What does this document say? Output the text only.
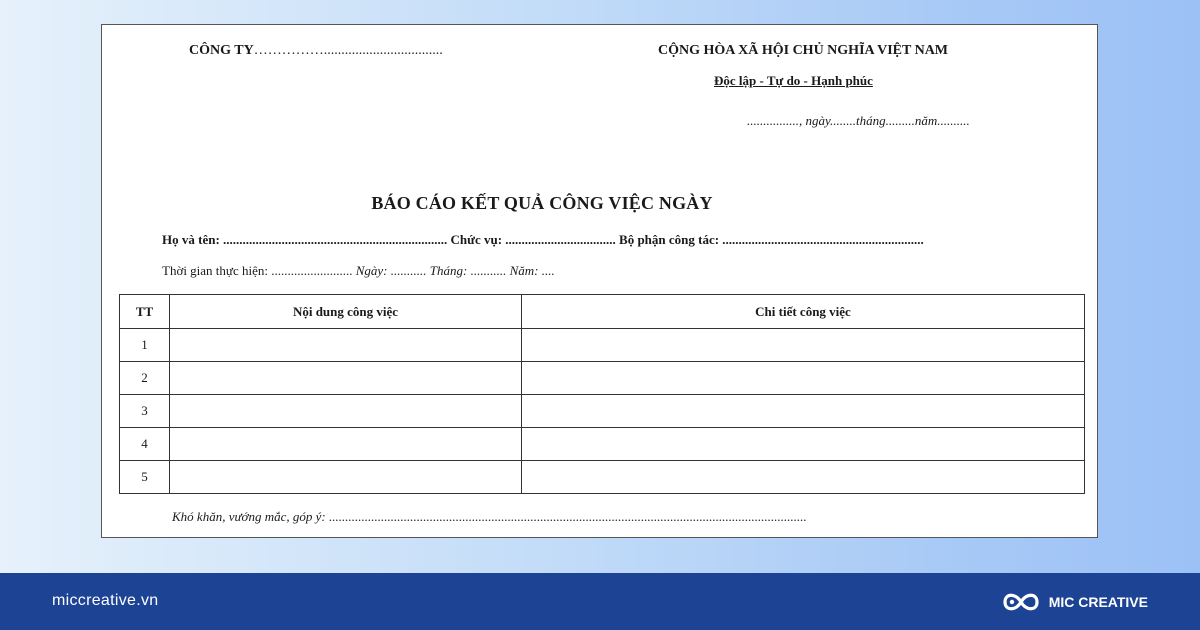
CÔNG TY……………..................................	CỘNG HÒA XÃ HỘI CHỦ NGHĨA VIỆT NAM
Độc lập - Tự do - Hạnh phúc
................, ngày........tháng.........năm..........
BÁO CÁO KẾT QUẢ CÔNG VIỆC NGÀY
Họ và tên: ..................................................................... Chức vụ: .................................. Bộ phận công tác: ..............................................................
Thời gian thực hiện: ......................... Ngày: ........... Tháng: ........... Năm: ....
TT	Nội dung công việc	Chi tiết công việc
1		
2		
3		
4		
5		
Khó khăn, vướng mắc, góp ý: ...................................................................................................................................................
miccreative.vn	MIC CREATIVE
